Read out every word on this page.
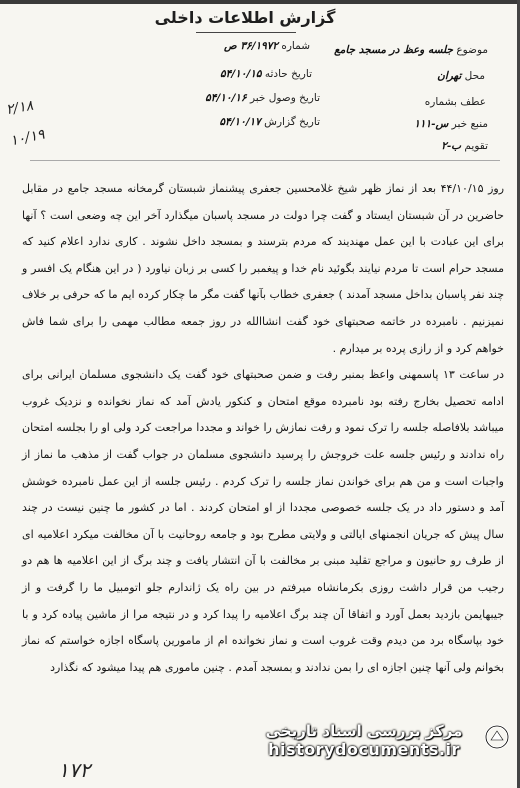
گزارش اطلاعات داخلی
شماره ۳۶/۱۹۷۲ ص	موضوع جلسه وعظ در مسجد جامع
تاریخ حادثه ۵۴/۱۰/۱۵	محل تهران
تاریخ وصول خبر ۵۴/۱۰/۱۶	عطف بشماره
تاریخ گزارش ۵۴/۱۰/۱۷	منبع خبر س-۱۱۱
تقویم ب-۲
۲/۱۸
۱۰/۱۹

روز ۴۴/۱۰/۱۵ بعد از نماز ظهر شیخ غلامحسین جعفری پیشنماز شبستان گرمخانه مسجد جامع در مقابل حاضرین در آن شبستان ایستاد و گفت چرا دولت در مسجد پاسبان میگذارد آخر این چه وضعی است ؟ آنها برای این عبادت با این عمل مهندیند که مردم بترسند و بمسجد داخل نشوند . کاری ندارد اعلام کنید که مسجد حرام است تا مردم نیایند بگوئید نام خدا و پیغمبر را کسی بر زبان نیاورد ( در این هنگام یک افسر و چند نفر پاسبان بداخل مسجد آمدند ) جعفری خطاب بآنها گفت مگر ما چکار کرده ایم ما که حرفی بر خلاف نمیزنیم . نامبرده در خاتمه صحبتهای خود گفت انشاالله در روز جمعه مطالب مهمی را برای شما فاش خواهم کرد و از رازی پرده بر میدارم .

در ساعت ۱۳ پاسمهنی واعظ بمنبر رفت و ضمن صحبتهای خود گفت یک دانشجوی مسلمان ایرانی برای ادامه تحصیل بخارج رفته بود نامبرده موقع امتحان و کنکور یادش آمد که نماز نخوانده و نزدیک غروب میباشد بلافاصله جلسه را ترک نمود و رفت نمازش را خواند و مجددا مراجعت کرد ولی او را بجلسه امتحان راه ندادند و رئیس جلسه علت خروجش را پرسید دانشجوی مسلمان در جواب گفت از مذهب ما نماز از واجبات است و من هم برای خواندن نماز جلسه را ترک کردم . رئیس جلسه از این عمل نامبرده خوشش آمد و دستور داد در یک جلسه خصوصی مجددا از او امتحان کردند . اما در کشور ما چنین نیست در چند سال پیش که جریان انجمنهای ایالتی و ولایتی مطرح بود و جامعه روحانیت با آن مخالفت میکرد اعلامیه ای از طرف رو حانیون و مراجع تقلید مبنی بر مخالفت با آن انتشار یافت و چند برگ از این اعلامیه ها هم دو رجیب من قرار داشت روزی بکرمانشاه میرفتم در بین راه یک ژاندارم جلو اتومبیل ما را گرفت و از جیبهایمن بازدید بعمل آورد و اتفاقا آن چند برگ اعلامیه را پیدا کرد و در نتیجه مرا از ماشین پیاده کرد و با خود بپاسگاه برد من دیدم وقت غروب است و نماز نخوانده ام از مامورین پاسگاه اجازه خواستم که نماز بخوانم ولی آنها چنین اجازه ای را بمن ندادند و بمسجد آمدم . چنین ماموری هم پیدا میشود که نگذارد

۱۷۲
مرکز بررسی اسناد تاریخی
historydocuments.ir
